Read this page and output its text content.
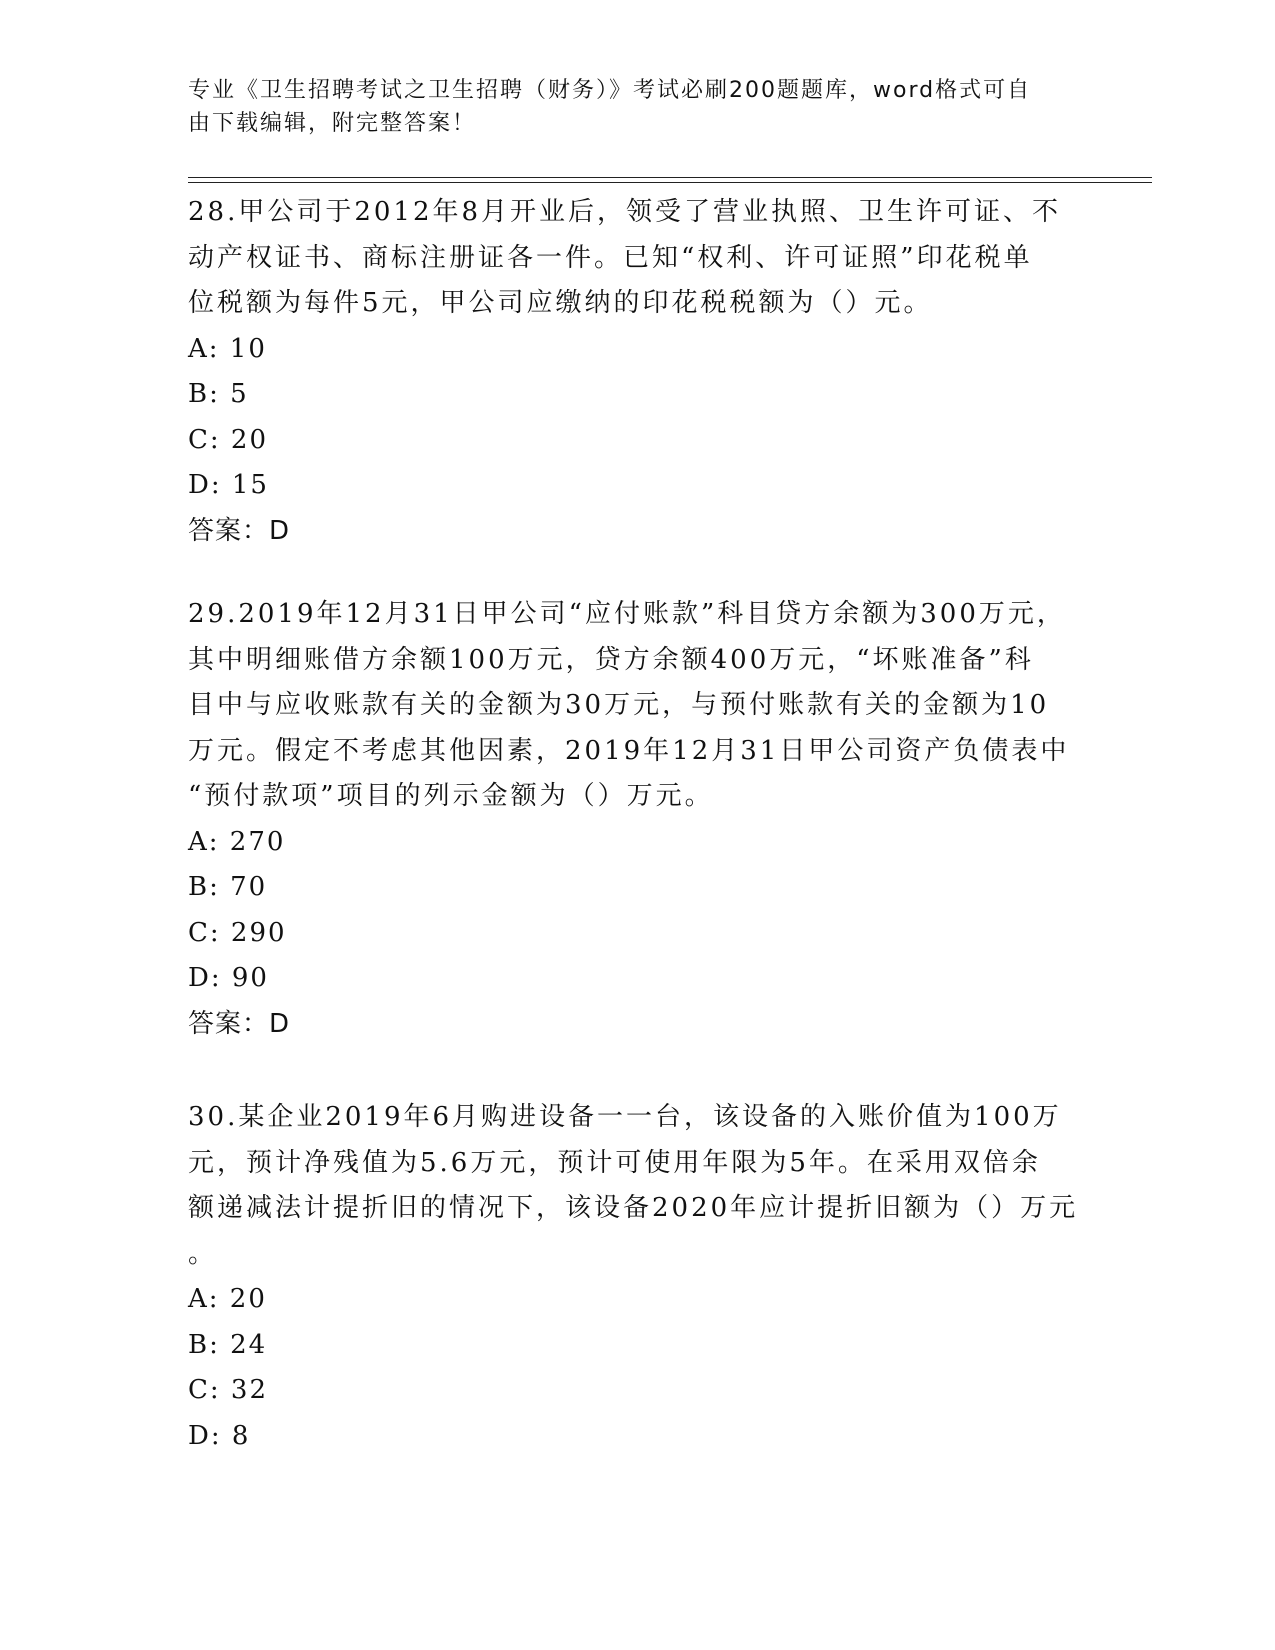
专业《卫生招聘考试之卫生招聘（财务）》考试必刷200题题库，word格式可自
由下载编辑，附完整答案！

28.甲公司于2012年8月开业后，领受了营业执照、卫生许可证、不

动产权证书、商标注册证各一件。已知“权利、许可证照”印花税单

位税额为每件5元，甲公司应缴纳的印花税税额为（）元。

A: 10

B: 5

C: 20

D: 15

答案：D

29.2019年12月31日甲公司“应付账款”科目贷方余额为300万元，

其中明细账借方余额100万元，贷方余额400万元，“坏账准备”科

目中与应收账款有关的金额为30万元，与预付账款有关的金额为10

万元。假定不考虑其他因素，2019年12月31日甲公司资产负债表中

“预付款项”项目的列示金额为（）万元。

A: 270

B: 70

C: 290

D: 90

答案：D

30.某企业2019年6月购进设备一一台，该设备的入账价值为100万

元，预计净残值为5.6万元，预计可使用年限为5年。在采用双倍余

额递减法计提折旧的情况下，该设备2020年应计提折旧额为（）万元

。

A: 20

B: 24

C: 32

D: 8
